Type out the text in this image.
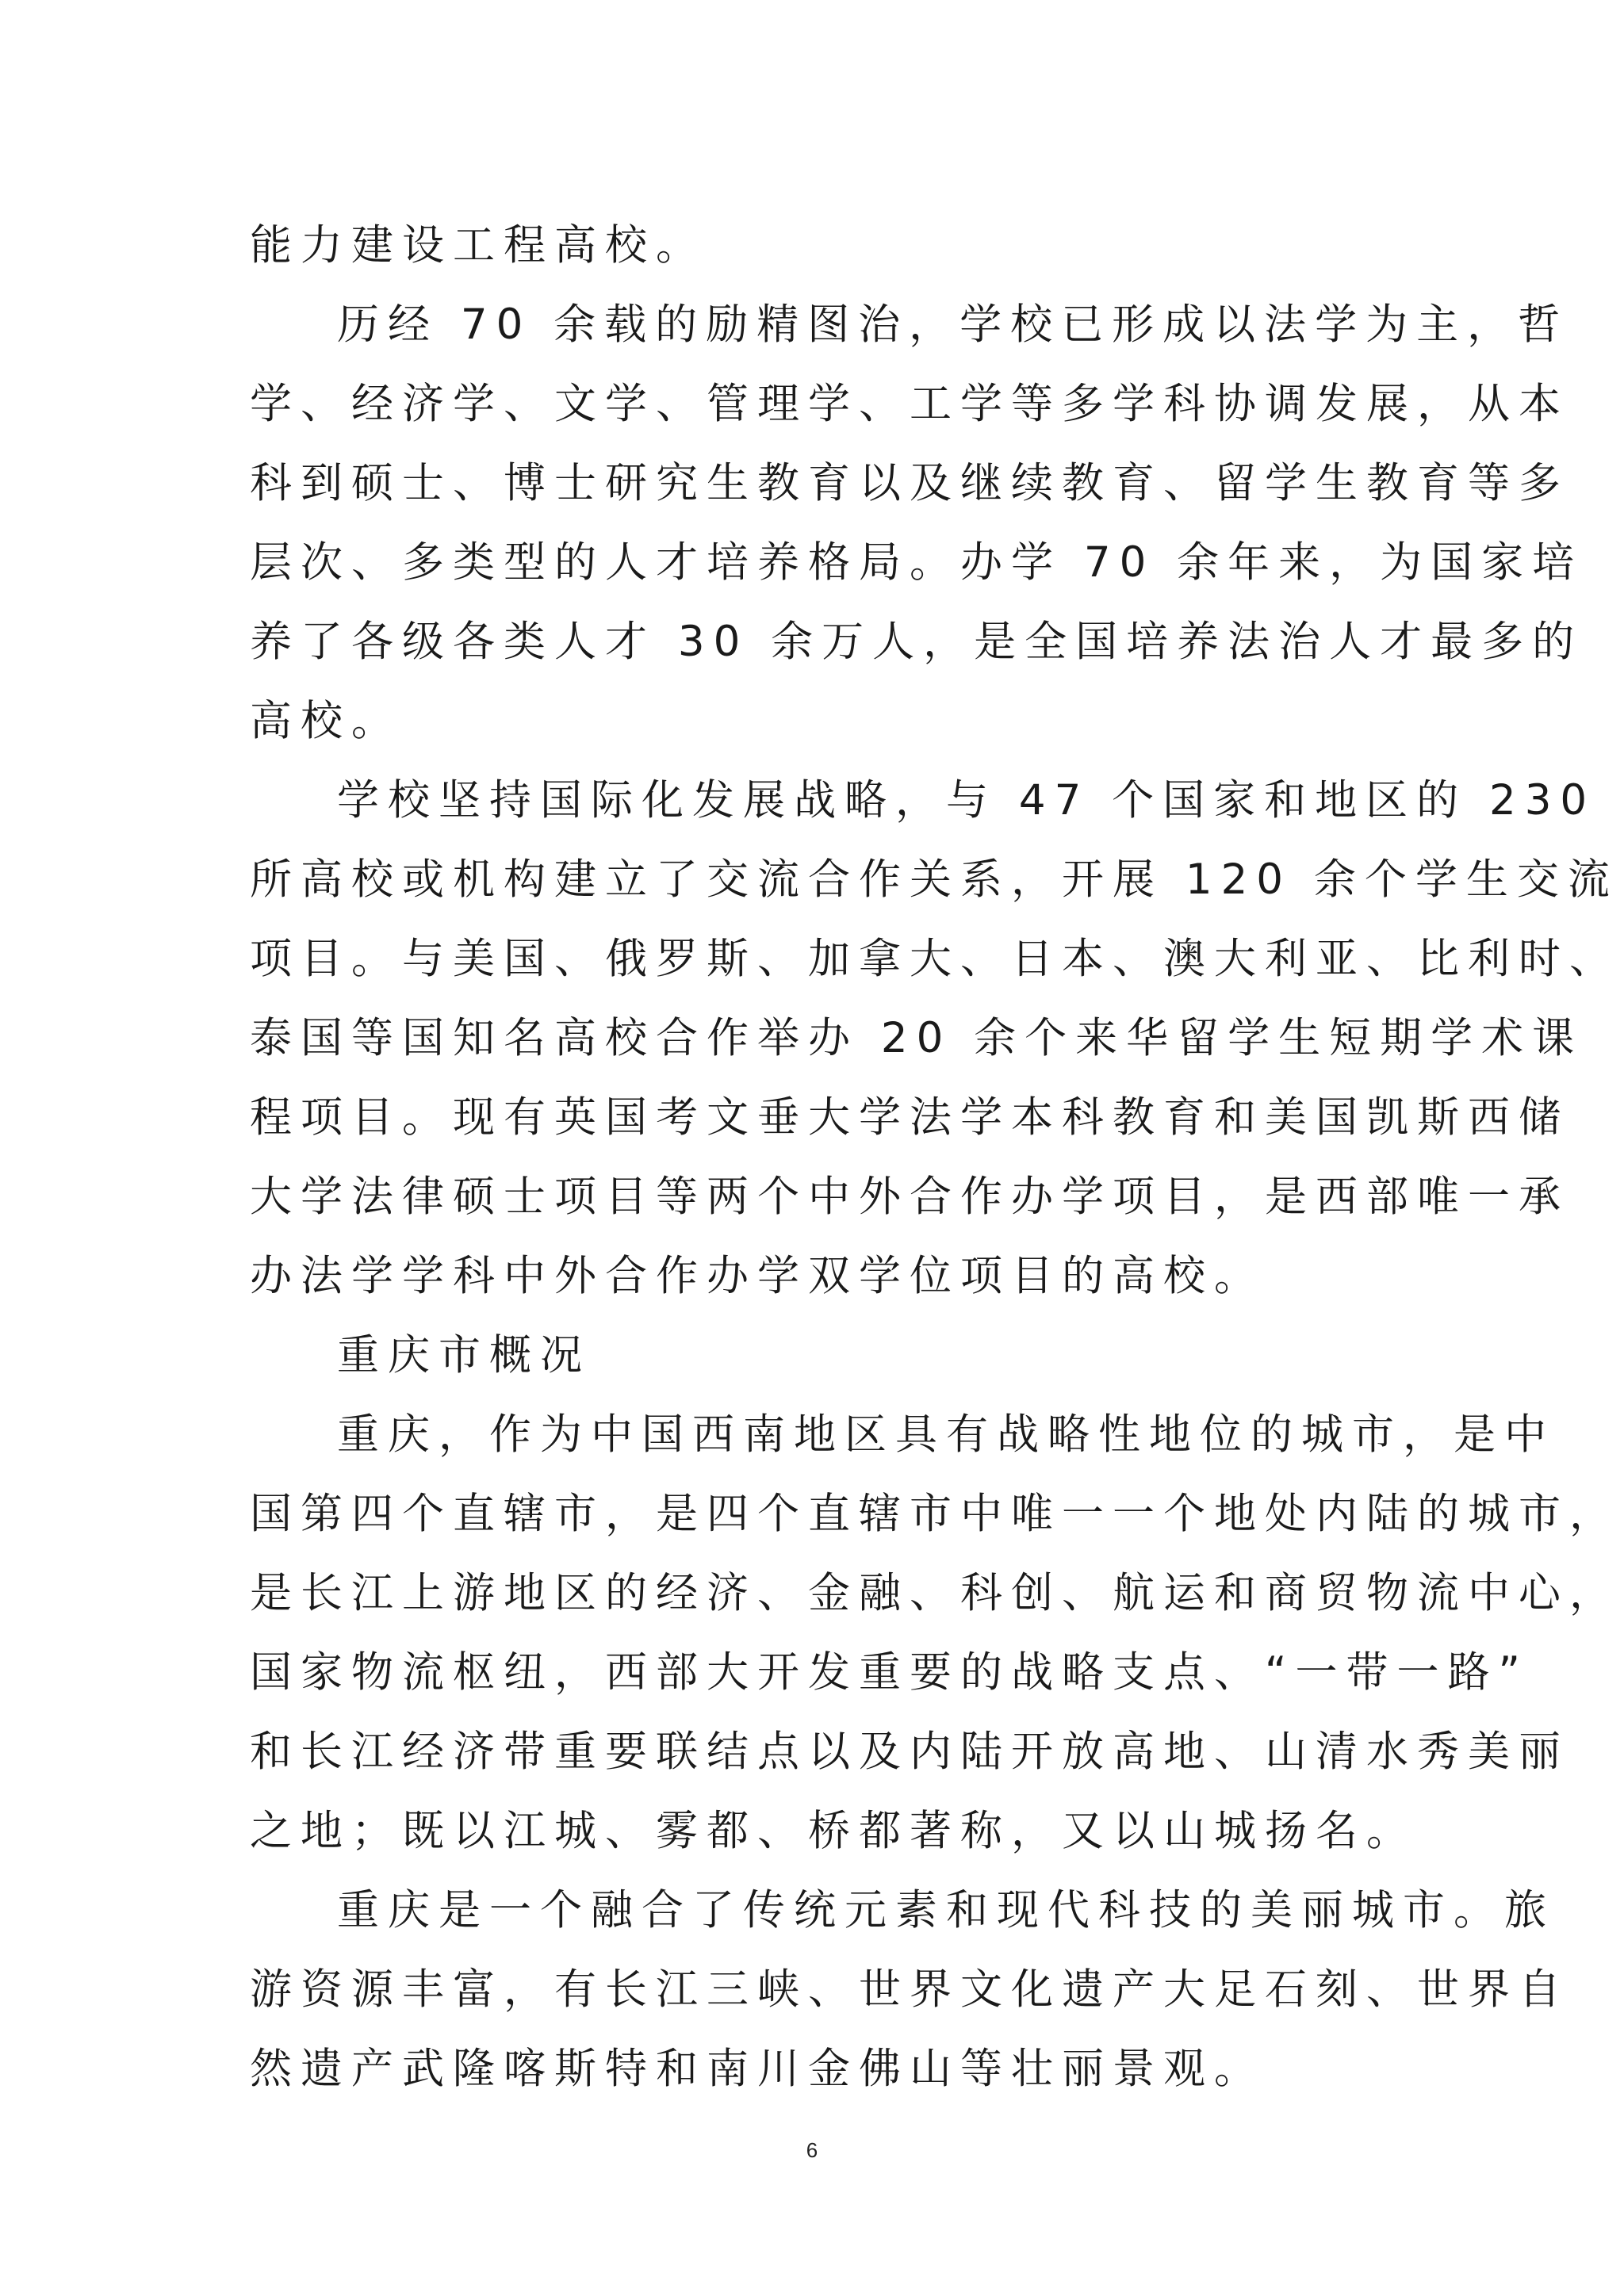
能力建设工程高校。
历经 70 余载的励精图治，学校已形成以法学为主，哲
学、经济学、文学、管理学、工学等多学科协调发展，从本
科到硕士、博士研究生教育以及继续教育、留学生教育等多
层次、多类型的人才培养格局。办学 70 余年来，为国家培
养了各级各类人才 30 余万人，是全国培养法治人才最多的
高校。
学校坚持国际化发展战略，与 47 个国家和地区的 230
所高校或机构建立了交流合作关系，开展 120 余个学生交流
项目。与美国、俄罗斯、加拿大、日本、澳大利亚、比利时、
泰国等国知名高校合作举办 20 余个来华留学生短期学术课
程项目。现有英国考文垂大学法学本科教育和美国凯斯西储
大学法律硕士项目等两个中外合作办学项目，是西部唯一承
办法学学科中外合作办学双学位项目的高校。
重庆市概况
重庆，作为中国西南地区具有战略性地位的城市，是中
国第四个直辖市，是四个直辖市中唯一一个地处内陆的城市，
是长江上游地区的经济、金融、科创、航运和商贸物流中心，
国家物流枢纽，西部大开发重要的战略支点、“一带一路”
和长江经济带重要联结点以及内陆开放高地、山清水秀美丽
之地；既以江城、雾都、桥都著称，又以山城扬名。
重庆是一个融合了传统元素和现代科技的美丽城市。旅
游资源丰富，有长江三峡、世界文化遗产大足石刻、世界自
然遗产武隆喀斯特和南川金佛山等壮丽景观。
6
